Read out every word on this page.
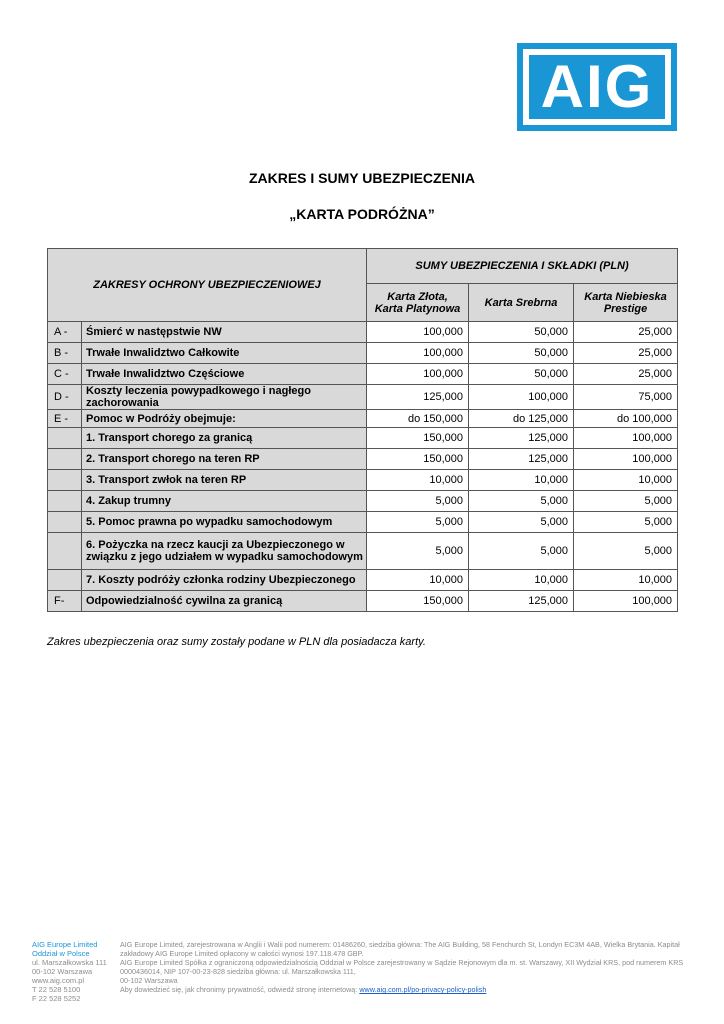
AIG
ZAKRES I SUMY UBEZPIECZENIA
„KARTA PODRÓŻNA”
ZAKRESY OCHRONY UBEZPIECZENIOWEJ		SUMY UBEZPIECZENIA I SKŁADKI (PLN)		
		Karta Złota,
Karta Platynowa	Karta Srebrna	Karta Niebieska
Prestige
A -	Śmierć w następstwie NW	100,000	50,000	25,000
B -	Trwałe Inwalidztwo Całkowite	100,000	50,000	25,000
C -	Trwałe Inwalidztwo Częściowe	100,000	50,000	25,000
D -	Koszty leczenia powypadkowego i nagłego zachorowania	125,000	100,000	75,000
E -	Pomoc w Podróży obejmuje:	do 150,000	do 125,000	do 100,000
	1. Transport chorego za granicą	150,000	125,000	100,000
	2. Transport chorego na teren RP	150,000	125,000	100,000
	3. Transport zwłok na teren RP	10,000	10,000	10,000
	4. Zakup trumny	5,000	5,000	5,000
	5. Pomoc prawna po wypadku samochodowym	5,000	5,000	5,000
	6. Pożyczka na rzecz kaucji za Ubezpieczonego w związku z jego udziałem w wypadku samochodowym	5,000	5,000	5,000
	7. Koszty podróży członka rodziny Ubezpieczonego	10,000	10,000	10,000
F-	Odpowiedzialność cywilna za granicą	150,000	125,000	100,000
Zakres ubezpieczenia oraz sumy zostały podane w PLN dla posiadacza karty.
AIG Europe Limited
Oddział w Polsce
ul. Marszałkowska 111
00-102 Warszawa
www.aig.com.pl
T 22 528 5100
F 22 528 5252

AIG Europe Limited, zarejestrowana w Anglii i Walii pod numerem: 01486260, siedziba główna: The AIG Building, 58 Fenchurch St, Londyn EC3M 4AB, Wielka Brytania. Kapitał zakładowy AIG Europe Limited opłacony w całości wynosi 197.118.478 GBP.

AIG Europe Limited Spółka z ograniczoną odpowiedzialnością Oddział w Polsce zarejestrowany w Sądzie Rejonowym dla m. st. Warszawy, XII Wydział KRS, pod numerem KRS 0000436014, NIP 107-00-23-828 siedziba główna: ul. Marszałkowska 111,

00-102 Warszawa

Aby dowiedzieć się, jak chronimy prywatność, odwiedź stronę internetową: www.aig.com.pl/po-privacy-policy-polish
